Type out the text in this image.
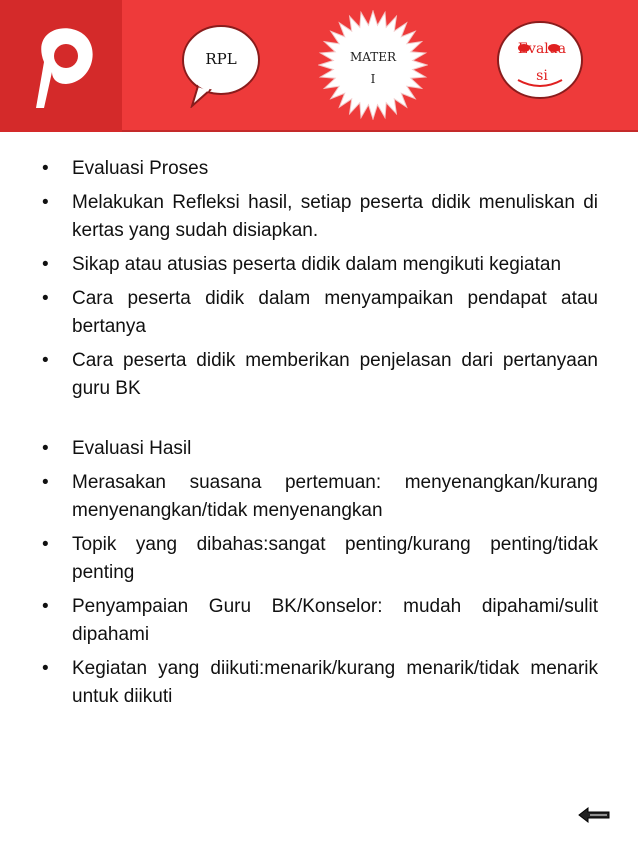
RPL	MATER
I
Evalua
si
• Evaluasi Proses
• Melakukan Refleksi hasil, setiap peserta didik menuliskan di kertas yang sudah disiapkan.
• Sikap atau atusias peserta didik dalam mengikuti kegiatan
• Cara peserta didik dalam menyampaikan pendapat atau bertanya
• Cara peserta didik memberikan penjelasan dari pertanyaan guru BK
• Evaluasi Hasil
• Merasakan suasana pertemuan: menyenangkan/kurang menyenangkan/tidak menyenangkan
• Topik yang dibahas:sangat penting/kurang penting/tidak penting
• Penyampaian Guru BK/Konselor: mudah dipahami/sulit dipahami
• Kegiatan yang diikuti:menarik/kurang menarik/tidak menarik untuk diikuti
